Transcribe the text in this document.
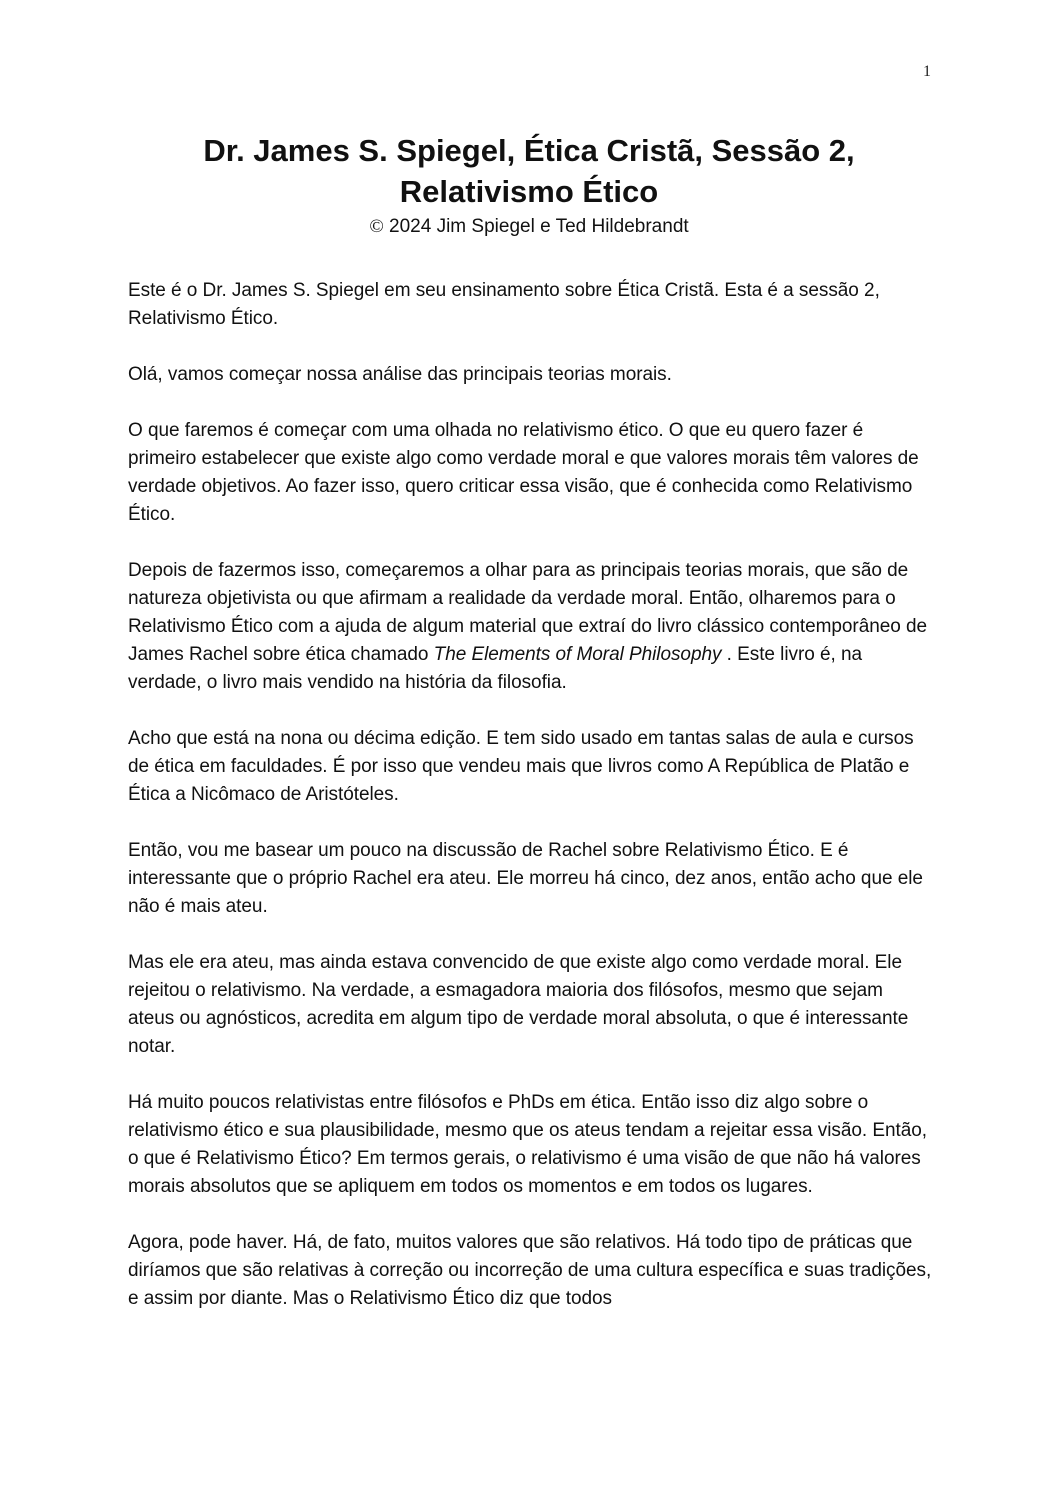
1
Dr. James S. Spiegel, Ética Cristã, Sessão 2,
Relativismo Ético

© 2024 Jim Spiegel e Ted Hildebrandt

Este é o Dr. James S. Spiegel em seu ensinamento sobre Ética Cristã. Esta é a sessão 2, Relativismo Ético.

Olá, vamos começar nossa análise das principais teorias morais.

O que faremos é começar com uma olhada no relativismo ético. O que eu quero fazer é primeiro estabelecer que existe algo como verdade moral e que valores morais têm valores de verdade objetivos. Ao fazer isso, quero criticar essa visão, que é conhecida como Relativismo Ético.

Depois de fazermos isso, começaremos a olhar para as principais teorias morais, que são de natureza objetivista ou que afirmam a realidade da verdade moral. Então, olharemos para o Relativismo Ético com a ajuda de algum material que extraí do livro clássico contemporâneo de James Rachel sobre ética chamado The Elements of Moral Philosophy . Este livro é, na verdade, o livro mais vendido na história da filosofia.

Acho que está na nona ou décima edição. E tem sido usado em tantas salas de aula e cursos de ética em faculdades. É por isso que vendeu mais que livros como A República de Platão e Ética a Nicômaco de Aristóteles.

Então, vou me basear um pouco na discussão de Rachel sobre Relativismo Ético. E é interessante que o próprio Rachel era ateu. Ele morreu há cinco, dez anos, então acho que ele não é mais ateu.

Mas ele era ateu, mas ainda estava convencido de que existe algo como verdade moral. Ele rejeitou o relativismo. Na verdade, a esmagadora maioria dos filósofos, mesmo que sejam ateus ou agnósticos, acredita em algum tipo de verdade moral absoluta, o que é interessante notar.

Há muito poucos relativistas entre filósofos e PhDs em ética. Então isso diz algo sobre o relativismo ético e sua plausibilidade, mesmo que os ateus tendam a rejeitar essa visão. Então, o que é Relativismo Ético? Em termos gerais, o relativismo é uma visão de que não há valores morais absolutos que se apliquem em todos os momentos e em todos os lugares.

Agora, pode haver. Há, de fato, muitos valores que são relativos. Há todo tipo de práticas que diríamos que são relativas à correção ou incorreção de uma cultura específica e suas tradições, e assim por diante. Mas o Relativismo Ético diz que todos
